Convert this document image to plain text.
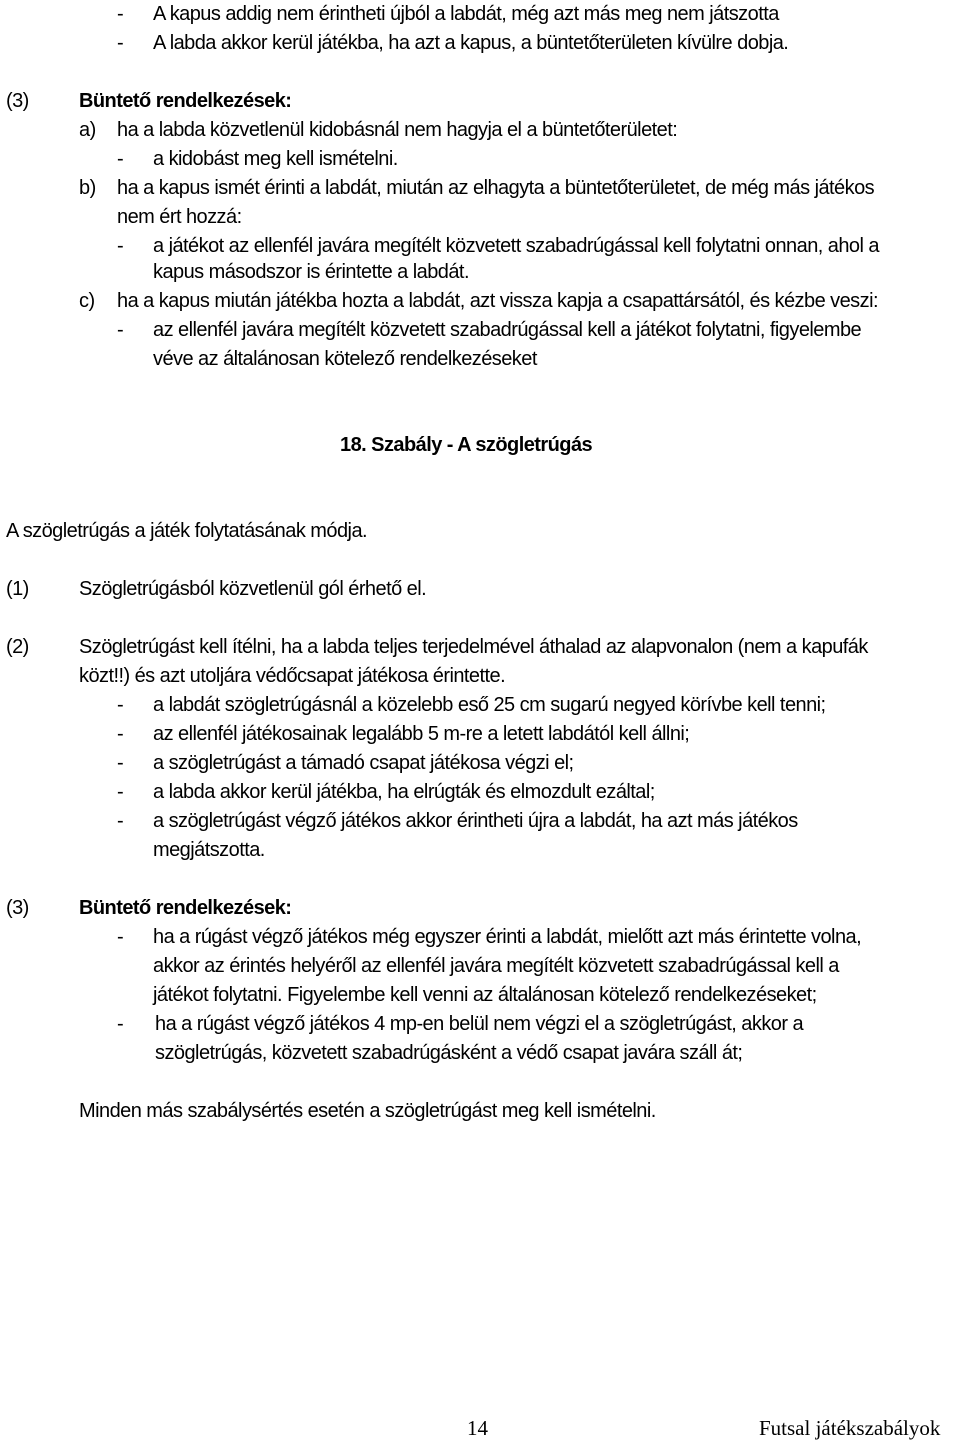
- A kapus addig nem érintheti újból a labdát, még azt más meg nem játszotta
- A labda akkor kerül játékba, ha azt a kapus, a büntetőterületen kívülre dobja.
(3)	Büntető rendelkezések:
a) ha a labda közvetlenül kidobásnál nem hagyja el a büntetőterületet:
- a kidobást meg kell ismételni.
b) ha a kapus ismét érinti a labdát, miután az elhagyta a büntetőterületet, de még más játékos
nem ért hozzá:
- a játékot az ellenfél javára megítélt közvetett szabadrúgással kell folytatni onnan, ahol a
kapus másodszor is érintette a labdát.
c) ha a kapus miután játékba hozta a labdát, azt vissza kapja a csapattársától, és kézbe veszi:
- az ellenfél javára megítélt közvetett szabadrúgással kell a játékot folytatni, figyelembe
véve az általánosan kötelező rendelkezéseket
18. Szabály - A szögletrúgás
A szögletrúgás a játék folytatásának módja.
(1)	Szögletrúgásból közvetlenül gól érhető el.
(2)	Szögletrúgást kell ítélni, ha a labda teljes terjedelmével áthalad az alapvonalon (nem a kapufák
közt!!) és azt utoljára védőcsapat játékosa érintette.
- a labdát szögletrúgásnál a közelebb eső 25 cm sugarú negyed körívbe kell tenni;
- az ellenfél játékosainak legalább 5 m-re a letett labdától kell állni;
- a szögletrúgást a támadó csapat játékosa végzi el;
- a labda akkor kerül játékba, ha elrúgták és elmozdult ezáltal;
- a szögletrúgást végző játékos akkor érintheti újra a labdát, ha azt más játékos
megjátszotta.
(3)	Büntető rendelkezések:
- ha a rúgást végző játékos még egyszer érinti a labdát, mielőtt azt más érintette volna,
akkor az érintés helyéről az ellenfél javára megítélt közvetett szabadrúgással kell a
játékot folytatni. Figyelembe kell venni az általánosan kötelező rendelkezéseket;
- ha a rúgást végző játékos 4 mp-en belül nem végzi el a szögletrúgást, akkor a
szögletrúgás, közvetett szabadrúgásként a védő csapat javára száll át;
Minden más szabálysértés esetén a szögletrúgást meg kell ismételni.
14	Futsal játékszabályok
